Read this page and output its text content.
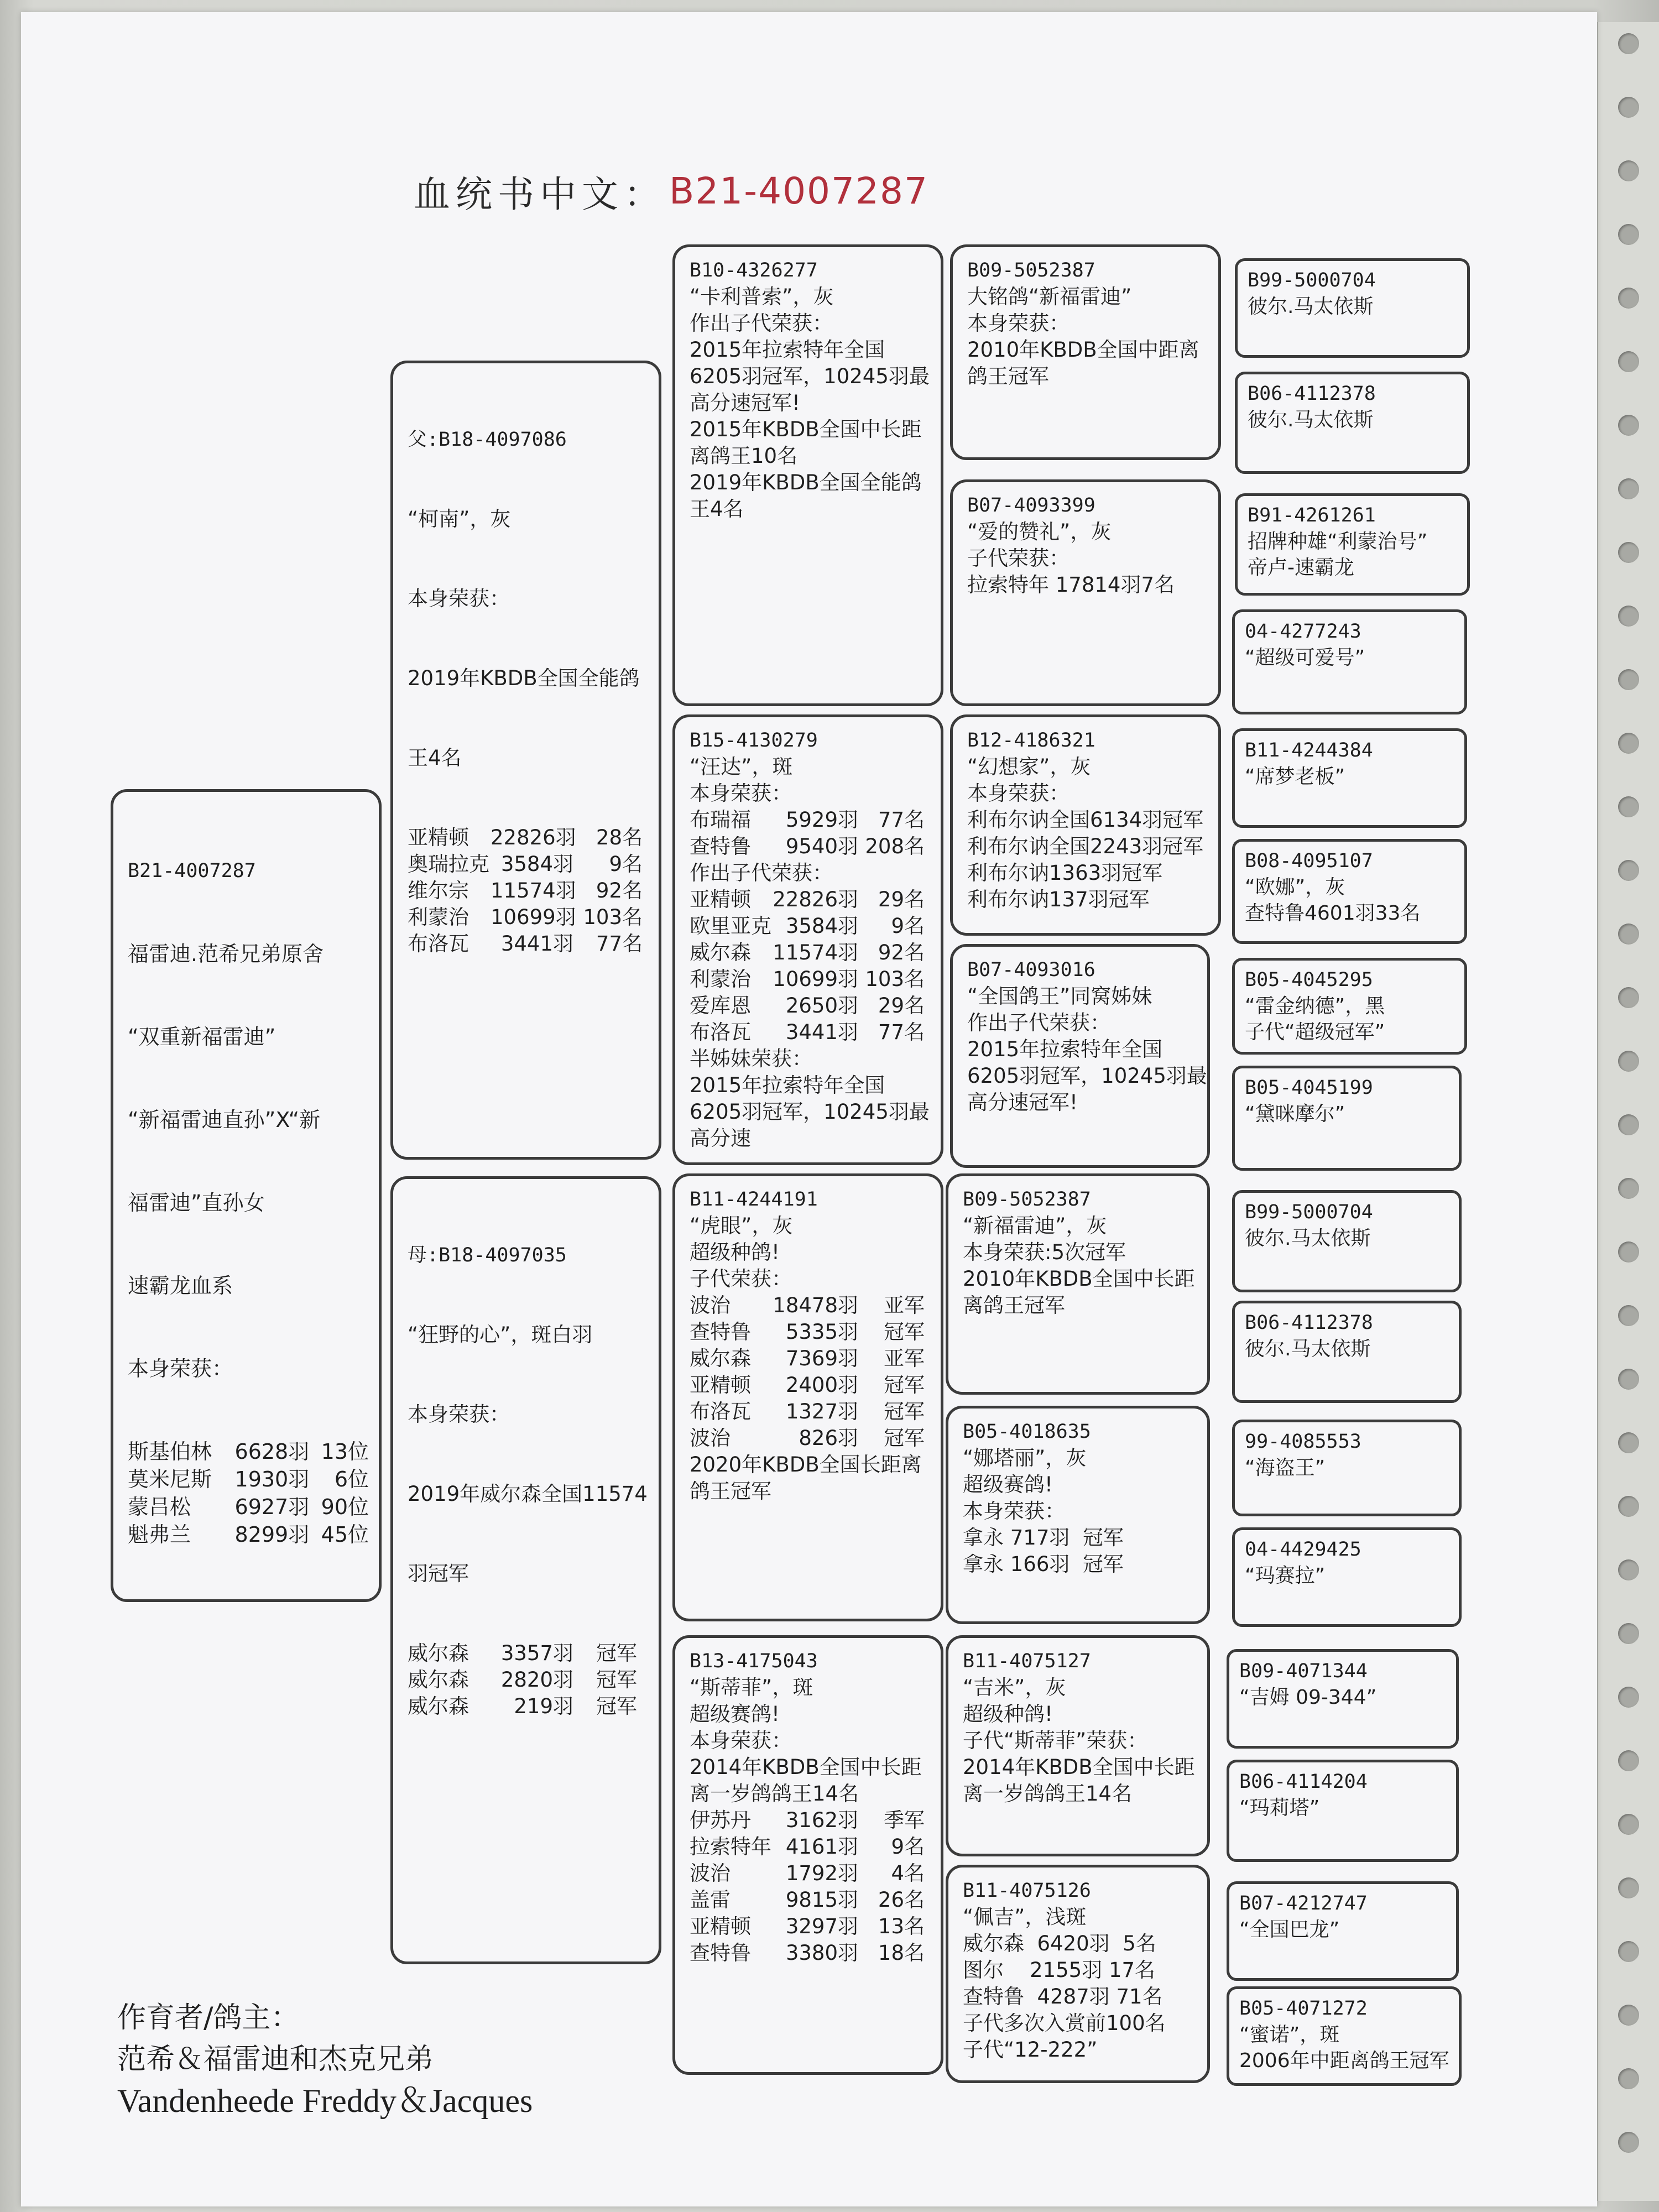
血统书中文： B21-4007287

B21-4007287

福雷迪.范希兄弟原舍

“双重新福雷迪”

“新福雷迪直孙”X“新

福雷迪”直孙女

速霸龙血系

本身荣获：

斯基伯林	6628羽 13位
莫米尼斯	1930羽	6位
蒙吕松	6927羽 90位
魁弗兰	8299羽 45位

父:B18-4097086

“柯南”，灰

本身荣获：

2019年KBDB全国全能鸽

王4名

亚精顿	22826羽 28名
奥瑞拉克 3584羽	9名
维尔宗	11574羽 92名
利蒙治	10699羽 103名
布洛瓦	3441羽	77名

母:B18-4097035

“狂野的心”，斑白羽

本身荣获：

2019年威尔森全国11574

羽冠军

威尔森	3357羽	冠军
威尔森	2820羽	冠军
威尔森	219羽	冠军

B10-4326277
“卡利普索”，灰
作出子代荣获：
2015年拉索特年全国
6205羽冠军，10245羽最
高分速冠军!
2015年KBDB全国中长距
离鸽王10名
2019年KBDB全国全能鸽
王4名
B15-4130279
“汪达”，斑
本身荣获：
布瑞福	5929羽 77名
查特鲁	9540羽 208名
作出子代荣获：
亚精顿	22826羽 29名
欧里亚克 3584羽	9名
威尔森	11574羽 92名
利蒙治	10699羽 103名
爱库恩	2650羽 29名
布洛瓦	3441羽 77名
半姊妹荣获：
2015年拉索特年全国
6205羽冠军，10245羽最
高分速
B11-4244191
“虎眼”，灰
超级种鸽!
子代荣获：
波治	18478羽	亚军
查特鲁	5335羽	冠军
威尔森	7369羽	亚军
亚精顿	2400羽	冠军
布洛瓦	1327羽	冠军
波治	826羽	冠军
2020年KBDB全国长距离
鸽王冠军
B13-4175043
“斯蒂菲”，斑
超级赛鸽!
本身荣获：
2014年KBDB全国中长距
离一岁鸽鸽王14名
伊苏丹	3162羽	季军
拉索特年 4161羽	9名
波治	1792羽	4名
盖雷	9815羽 26名
亚精顿	3297羽 13名
查特鲁	3380羽 18名
B09-5052387
大铭鸽“新福雷迪”
本身荣获：
2010年KBDB全国中距离
鸽王冠军
B07-4093399
“爱的赞礼”，灰
子代荣获：
拉索特年 17814羽7名
B12-4186321
“幻想家”，灰
本身荣获：
利布尔讷全国6134羽冠军
利布尔讷全国2243羽冠军
利布尔讷1363羽冠军
利布尔讷137羽冠军
B07-4093016
“全国鸽王”同窝姊妹
作出子代荣获：
2015年拉索特年全国
6205羽冠军，10245羽最
高分速冠军!
B09-5052387
“新福雷迪”，灰
本身荣获:5次冠军
2010年KBDB全国中长距
离鸽王冠军
B05-4018635
“娜塔丽”，灰
超级赛鸽!
本身荣获：
拿永 717羽  冠军
拿永 166羽  冠军
B11-4075127
“吉米”，灰
超级种鸽!
子代“斯蒂菲”荣获：
2014年KBDB全国中长距
离一岁鸽鸽王14名
B11-4075126
“佩吉”，浅斑
威尔森  6420羽  5名
图尔    2155羽 17名
查特鲁  4287羽 71名
子代多次入赏前100名
子代“12-222”
B99-5000704
彼尔.马太依斯
B06-4112378
彼尔.马太依斯
B91-4261261
招牌种雄“利蒙治号”
帝卢-速霸龙
04-4277243
“超级可爱号”
B11-4244384
“席梦老板”
B08-4095107
“欧娜”，灰
查特鲁4601羽33名
B05-4045295
“雷金纳德”，黑
子代“超级冠军”
B05-4045199
“黛咪摩尔”
B99-5000704
彼尔.马太依斯
B06-4112378
彼尔.马太依斯
99-4085553
“海盗王”
04-4429425
“玛赛拉”
B09-4071344
“吉姆 09-344”
B06-4114204
“玛莉塔”
B07-4212747
“全国巴龙”
B05-4071272
“蜜诺”，斑
2006年中距离鸽王冠军
作育者/鸽主：
范希＆福雷迪和杰克兄弟
Vandenheede Freddy＆Jacques
